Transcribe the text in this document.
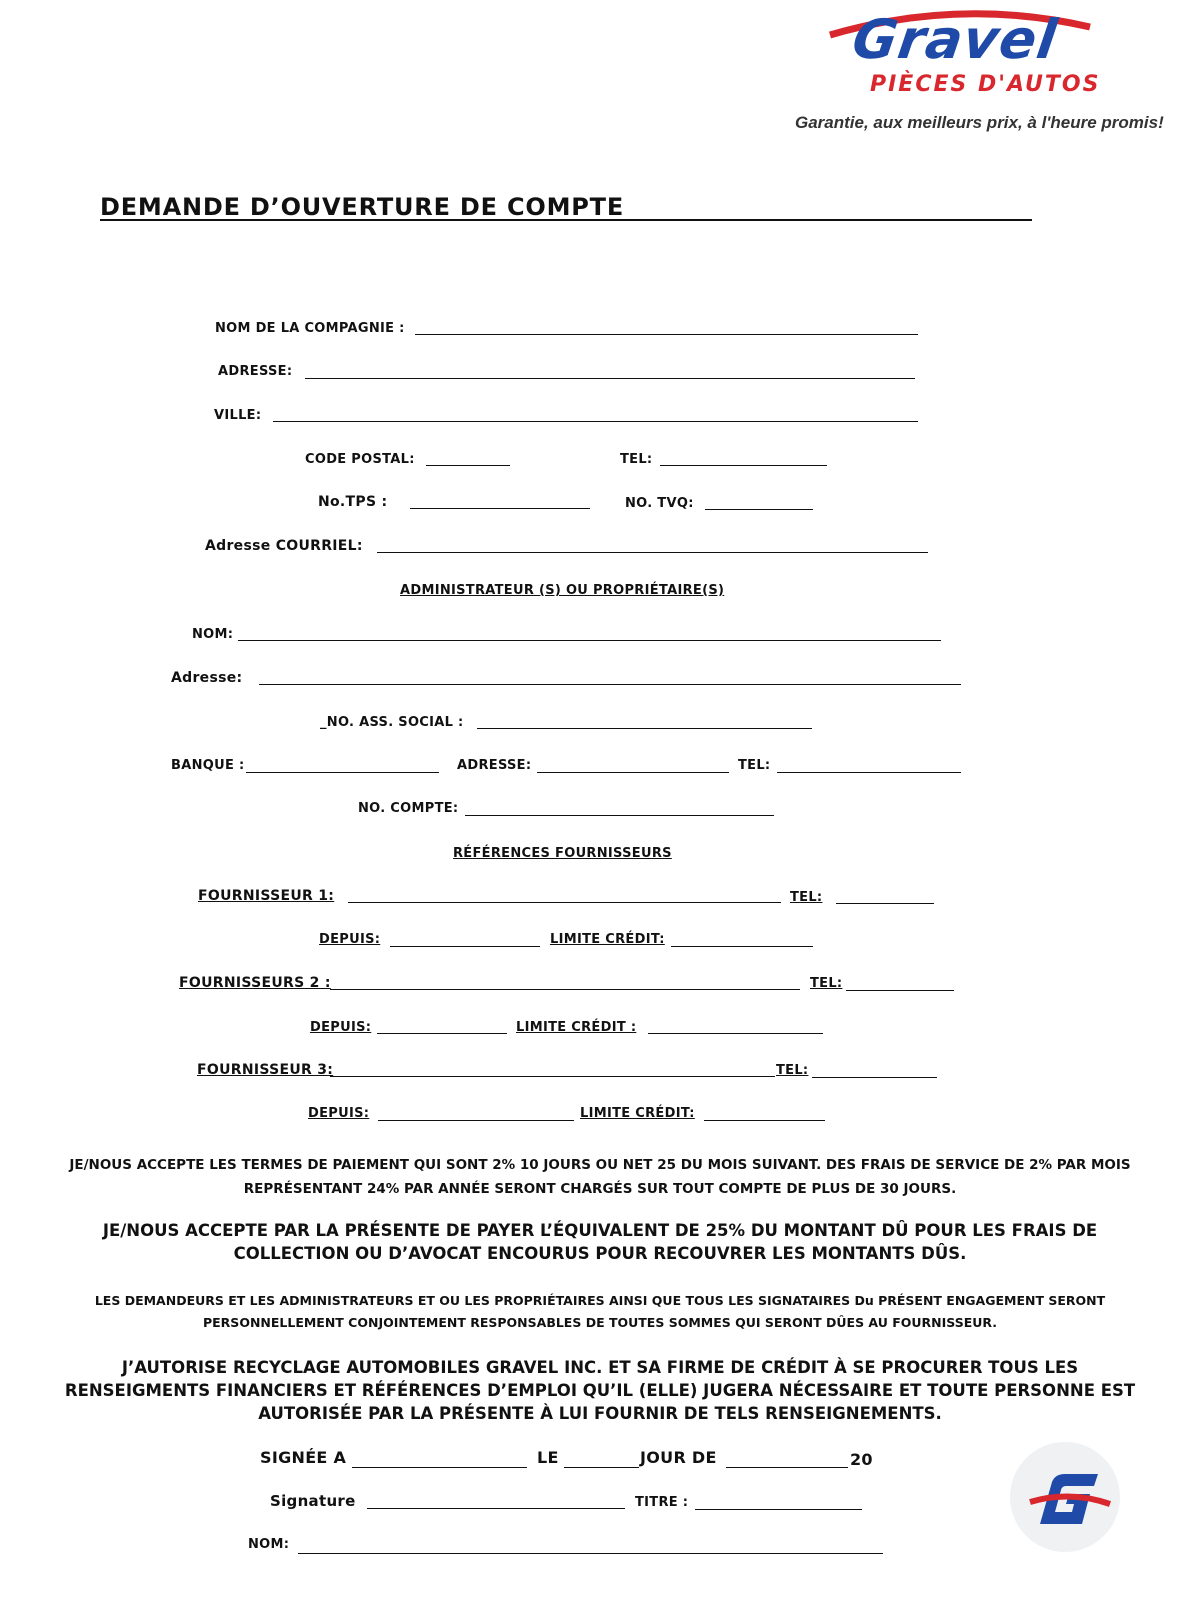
Gravel
PIÈCES D'AUTOS
Garantie, aux meilleurs prix, à l'heure promis!
DEMANDE D’OUVERTURE DE COMPTE
NOM DE LA COMPAGNIE :
ADRESSE:
VILLE:
CODE POSTAL:	TEL:
No.TPS :	NO. TVQ:
Adresse COURRIEL:
ADMINISTRATEUR (S) OU PROPRIÉTAIRE(S)
NOM:
Adresse:
_NO. ASS. SOCIAL :
BANQUE :	ADRESSE:	TEL:
NO. COMPTE:
RÉFÉRENCES FOURNISSEURS
FOURNISSEUR 1:	TEL:
DEPUIS:	LIMITE CRÉDIT:
FOURNISSEURS 2 :	TEL:
DEPUIS:	LIMITE CRÉDIT :
FOURNISSEUR 3:	TEL:
DEPUIS:	LIMITE CRÉDIT:
JE/NOUS ACCEPTE LES TERMES DE PAIEMENT QUI SONT 2% 10 JOURS OU NET 25 DU MOIS SUIVANT. DES FRAIS DE SERVICE DE 2% PAR MOIS
REPRÉSENTANT 24% PAR ANNÉE SERONT CHARGÉS SUR TOUT COMPTE DE PLUS DE 30 JOURS.
JE/NOUS ACCEPTE PAR LA PRÉSENTE DE PAYER L’ÉQUIVALENT DE 25% DU MONTANT DÛ POUR LES FRAIS DE
COLLECTION OU D’AVOCAT ENCOURUS POUR RECOUVRER LES MONTANTS DÛS.
LES DEMANDEURS ET LES ADMINISTRATEURS ET OU LES PROPRIÉTAIRES AINSI QUE TOUS LES SIGNATAIRES Du PRÉSENT ENGAGEMENT SERONT
PERSONNELLEMENT CONJOINTEMENT RESPONSABLES DE TOUTES SOMMES QUI SERONT DÛES AU FOURNISSEUR.
J’AUTORISE RECYCLAGE AUTOMOBILES GRAVEL INC. ET SA FIRME DE CRÉDIT À SE PROCURER TOUS LES
RENSEIGMENTS FINANCIERS ET RÉFÉRENCES D’EMPLOI QU’IL (ELLE) JUGERA NÉCESSAIRE ET TOUTE PERSONNE EST
AUTORISÉE PAR LA PRÉSENTE À LUI FOURNIR DE TELS RENSEIGNEMENTS.
SIGNÉE A	LE	JOUR DE	20
Signature	TITRE :
NOM:
